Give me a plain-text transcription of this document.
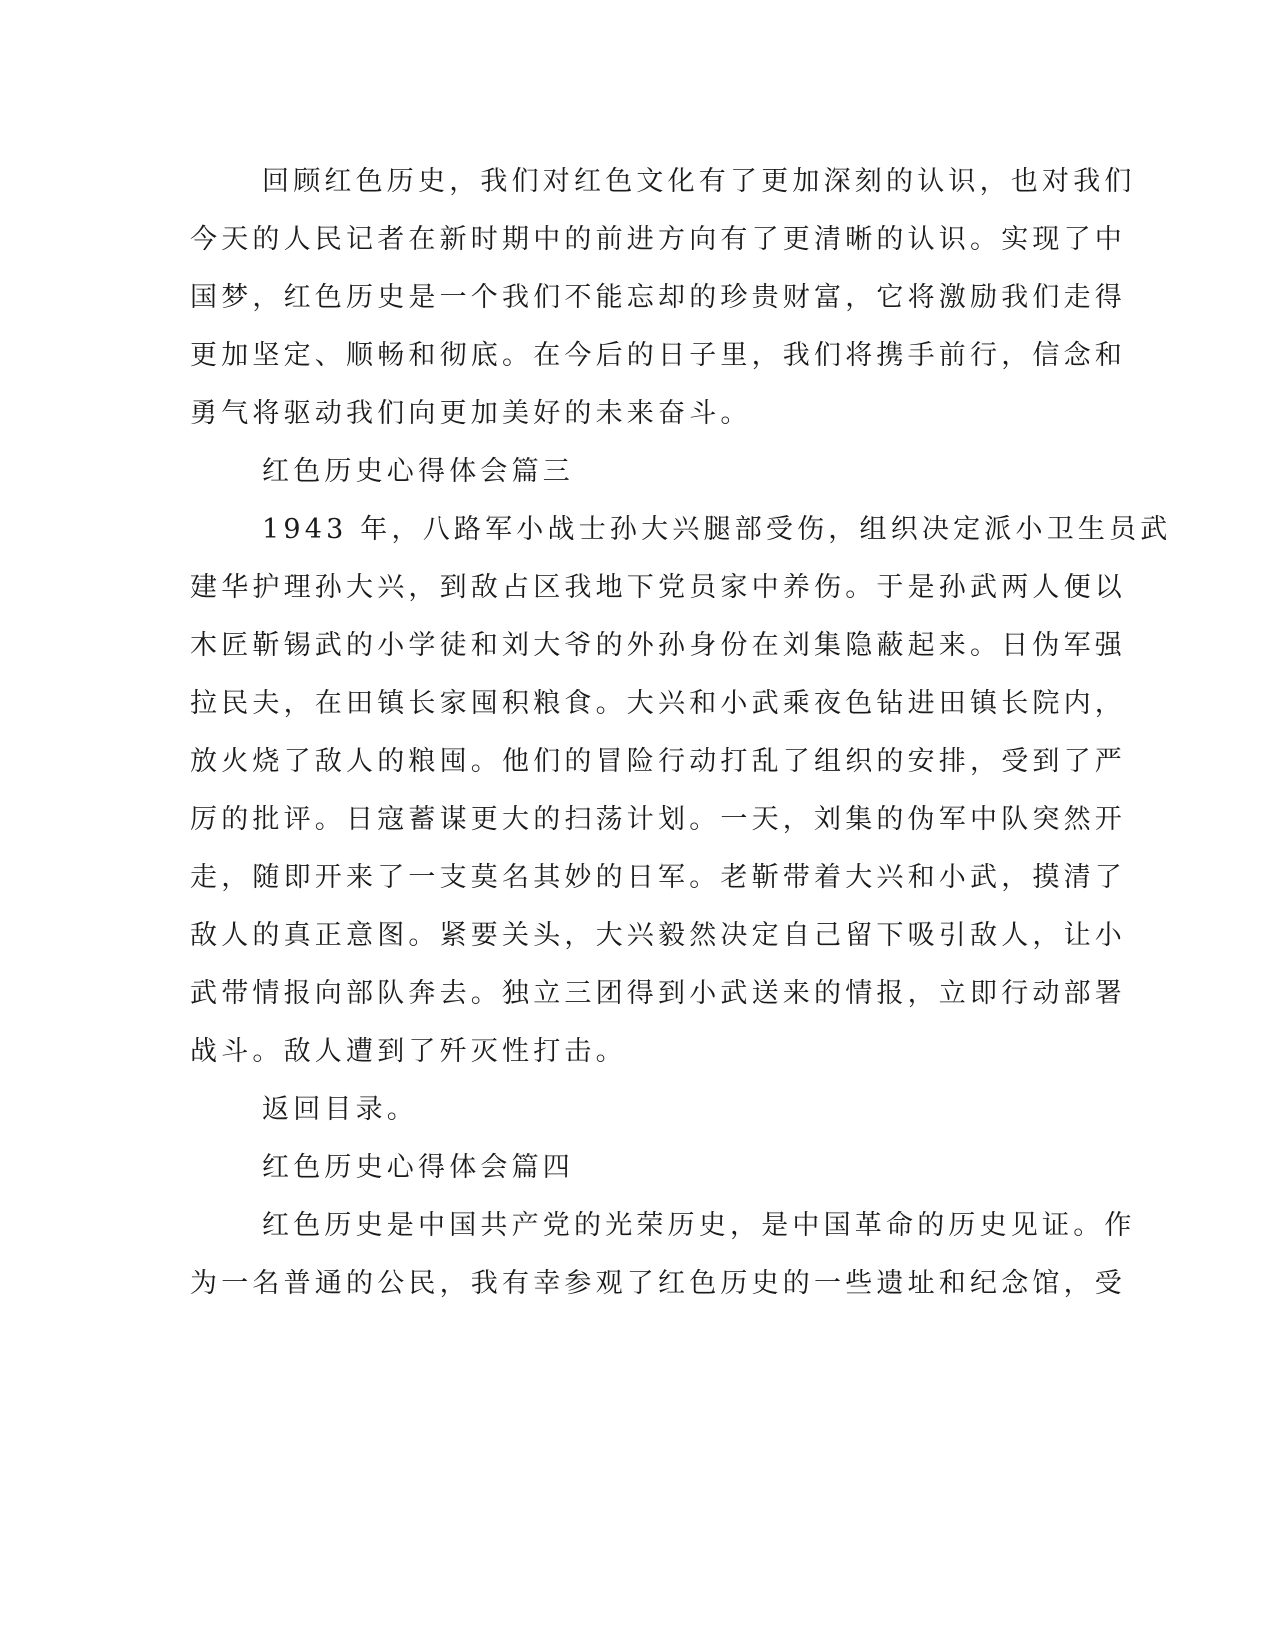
回顾红色历史，我们对红色文化有了更加深刻的认识，也对我们
今天的人民记者在新时期中的前进方向有了更清晰的认识。实现了中
国梦，红色历史是一个我们不能忘却的珍贵财富，它将激励我们走得
更加坚定、顺畅和彻底。在今后的日子里，我们将携手前行，信念和
勇气将驱动我们向更加美好的未来奋斗。
红色历史心得体会篇三
1943 年，八路军小战士孙大兴腿部受伤，组织决定派小卫生员武
建华护理孙大兴，到敌占区我地下党员家中养伤。于是孙武两人便以
木匠靳锡武的小学徒和刘大爷的外孙身份在刘集隐蔽起来。日伪军强
拉民夫，在田镇长家囤积粮食。大兴和小武乘夜色钻进田镇长院内，
放火烧了敌人的粮囤。他们的冒险行动打乱了组织的安排，受到了严
厉的批评。日寇蓄谋更大的扫荡计划。一天，刘集的伪军中队突然开
走，随即开来了一支莫名其妙的日军。老靳带着大兴和小武，摸清了
敌人的真正意图。紧要关头，大兴毅然决定自己留下吸引敌人，让小
武带情报向部队奔去。独立三团得到小武送来的情报，立即行动部署
战斗。敌人遭到了歼灭性打击。
返回目录。
红色历史心得体会篇四
红色历史是中国共产党的光荣历史，是中国革命的历史见证。作
为一名普通的公民，我有幸参观了红色历史的一些遗址和纪念馆，受
